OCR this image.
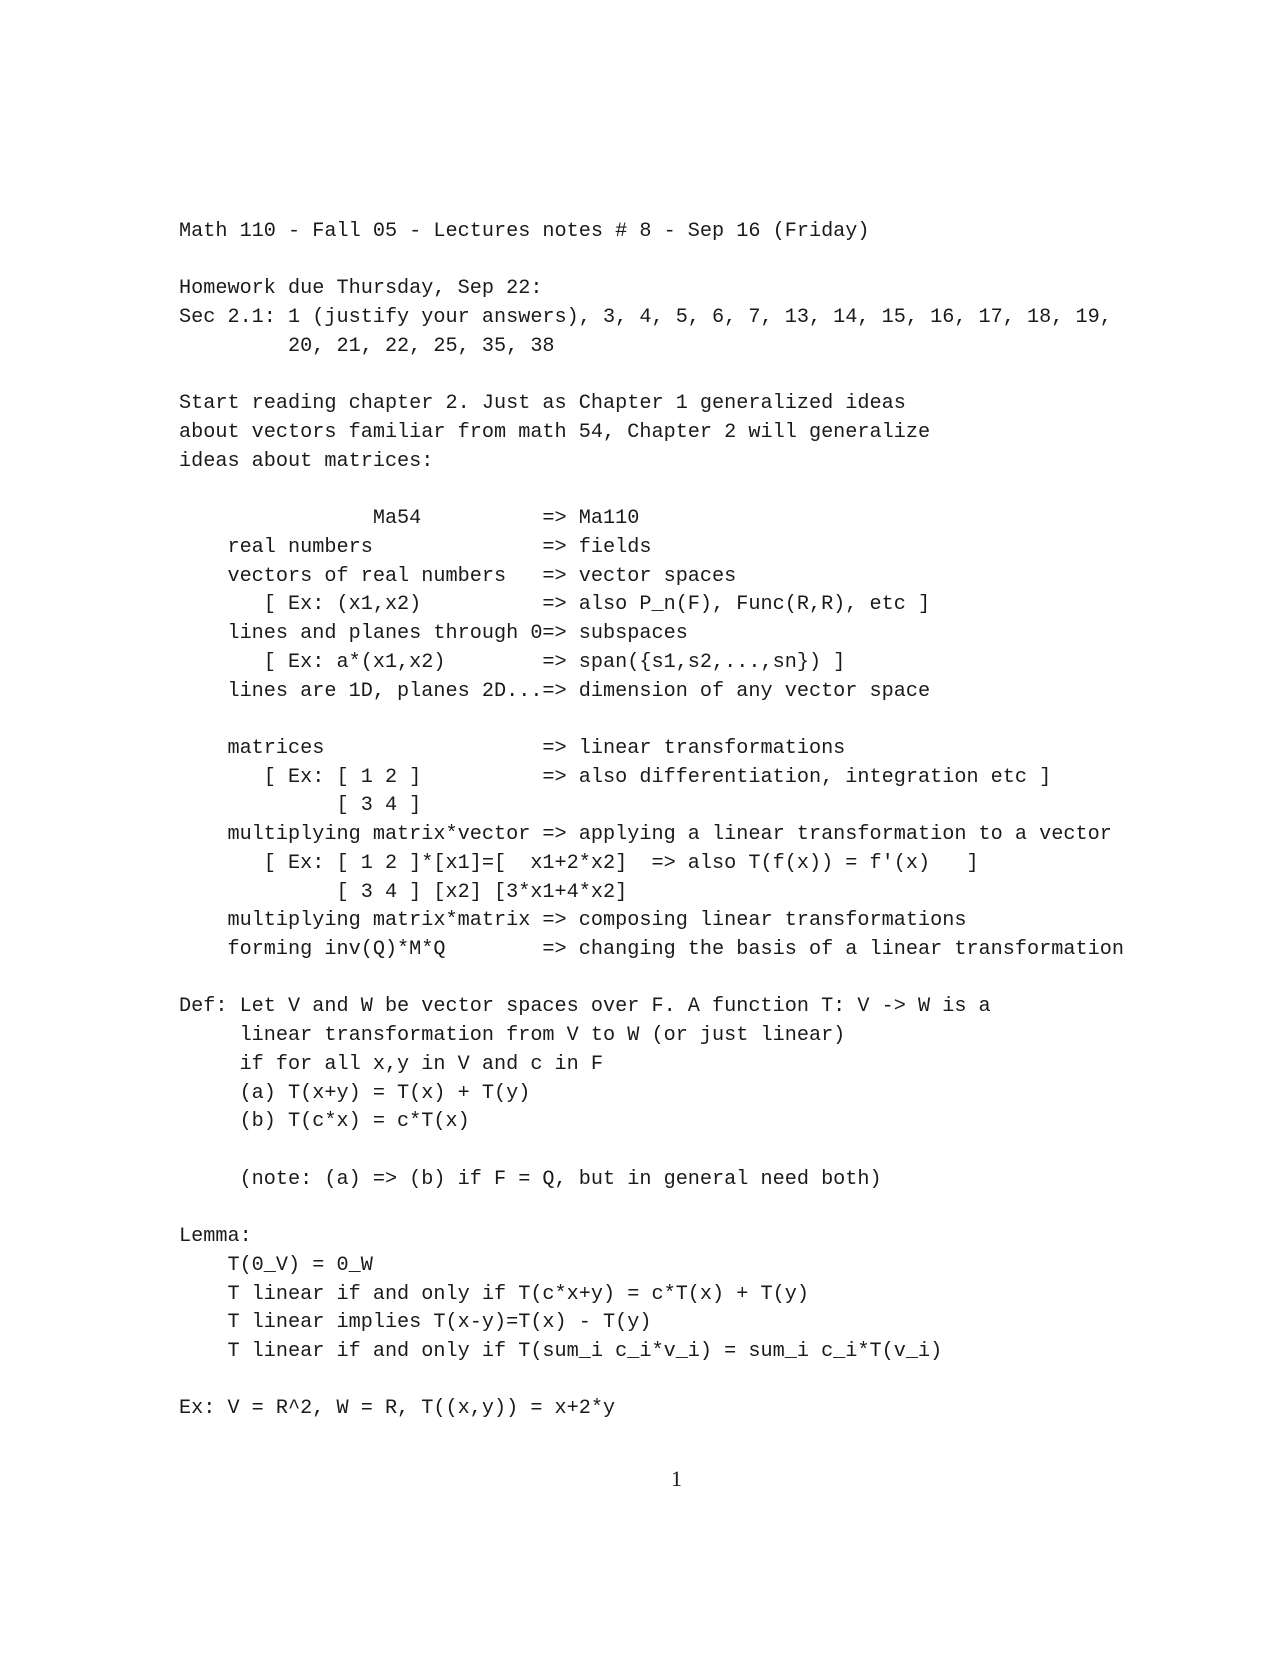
Math 110 - Fall 05 - Lectures notes # 8 - Sep 16 (Friday)

Homework due Thursday, Sep 22:
Sec 2.1: 1 (justify your answers), 3, 4, 5, 6, 7, 13, 14, 15, 16, 17, 18, 19,
20, 21, 22, 25, 35, 38

Start reading chapter 2. Just as Chapter 1 generalized ideas
about vectors familiar from math 54, Chapter 2 will generalize
ideas about matrices:

Ma54          => Ma110
real numbers              => fields
vectors of real numbers   => vector spaces
[ Ex: (x1,x2)          => also P_n(F), Func(R,R), etc ]
lines and planes through 0=> subspaces
[ Ex: a*(x1,x2)        => span({s1,s2,...,sn}) ]
lines are 1D, planes 2D...=> dimension of any vector space

matrices                  => linear transformations
[ Ex: [ 1 2 ]          => also differentiation, integration etc ]
[ 3 4 ]
multiplying matrix*vector => applying a linear transformation to a vector
[ Ex: [ 1 2 ]*[x1]=[  x1+2*x2]  => also T(f(x)) = f'(x)   ]
[ 3 4 ] [x2] [3*x1+4*x2]
multiplying matrix*matrix => composing linear transformations
forming inv(Q)*M*Q        => changing the basis of a linear transformation

Def: Let V and W be vector spaces over F. A function T: V -> W is a
linear transformation from V to W (or just linear)
if for all x,y in V and c in F
(a) T(x+y) = T(x) + T(y)
(b) T(c*x) = c*T(x)

(note: (a) => (b) if F = Q, but in general need both)

Lemma:
T(0_V) = 0_W
T linear if and only if T(c*x+y) = c*T(x) + T(y)
T linear implies T(x-y)=T(x) - T(y)
T linear if and only if T(sum_i c_i*v_i) = sum_i c_i*T(v_i)

Ex: V = R^2, W = R, T((x,y)) = x+2*y
1
